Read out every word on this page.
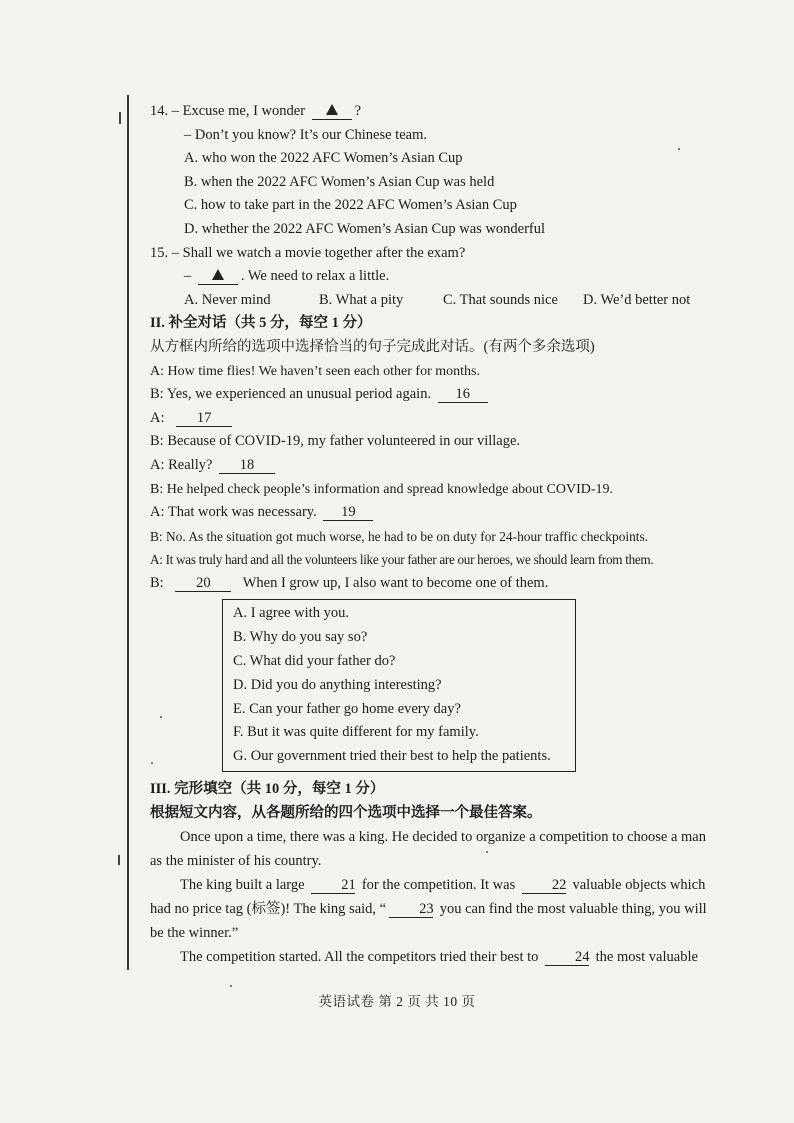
14. – Excuse me, I wonder	?
– Don’t you know? It’s our Chinese team.
A. who won the 2022 AFC Women’s Asian Cup
B. when the 2022 AFC Women’s Asian Cup was held
C. how to take part in the 2022 AFC Women’s Asian Cup
D. whether the 2022 AFC Women’s Asian Cup was wonderful
15. – Shall we watch a movie together after the exam?
–	. We need to relax a little.
A. Never mind	B. What a pity	C. That sounds nice	D. We’d better not
II. 补全对话（共 5 分，每空 1 分）
从方框内所给的选项中选择恰当的句子完成此对话。(有两个多余选项)
A: How time flies! We haven’t seen each other for months.
B: Yes, we experienced an unusual period again. 16
A: 17
B: Because of COVID-19, my father volunteered in our village.
A: Really? 18
B: He helped check people’s information and spread knowledge about COVID-19.
A: That work was necessary. 19
B: No. As the situation got much worse, he had to be on duty for 24-hour traffic checkpoints.
A: It was truly hard and all the volunteers like your father are our heroes, we should learn from them.
B: 20 When I grow up, I also want to become one of them.
A. I agree with you.
B. Why do you say so?
C. What did your father do?
D. Did you do anything interesting?
E. Can your father go home every day?
F. But it was quite different for my family.
G. Our government tried their best to help the patients.
III. 完形填空（共 10 分，每空 1 分）
根据短文内容，从各题所给的四个选项中选择一个最佳答案。
Once upon a time, there was a king. He decided to organize a competition to choose a man as the minister of his country.
The king built a large	21 for the competition. It was	22 valuable objects which had no price tag (标签)! The king said, “ 23 you can find the most valuable thing, you will be the winner.”
The competition started. All the competitors tried their best to	24 the most valuable
英语试卷 第 2 页 共 10 页
